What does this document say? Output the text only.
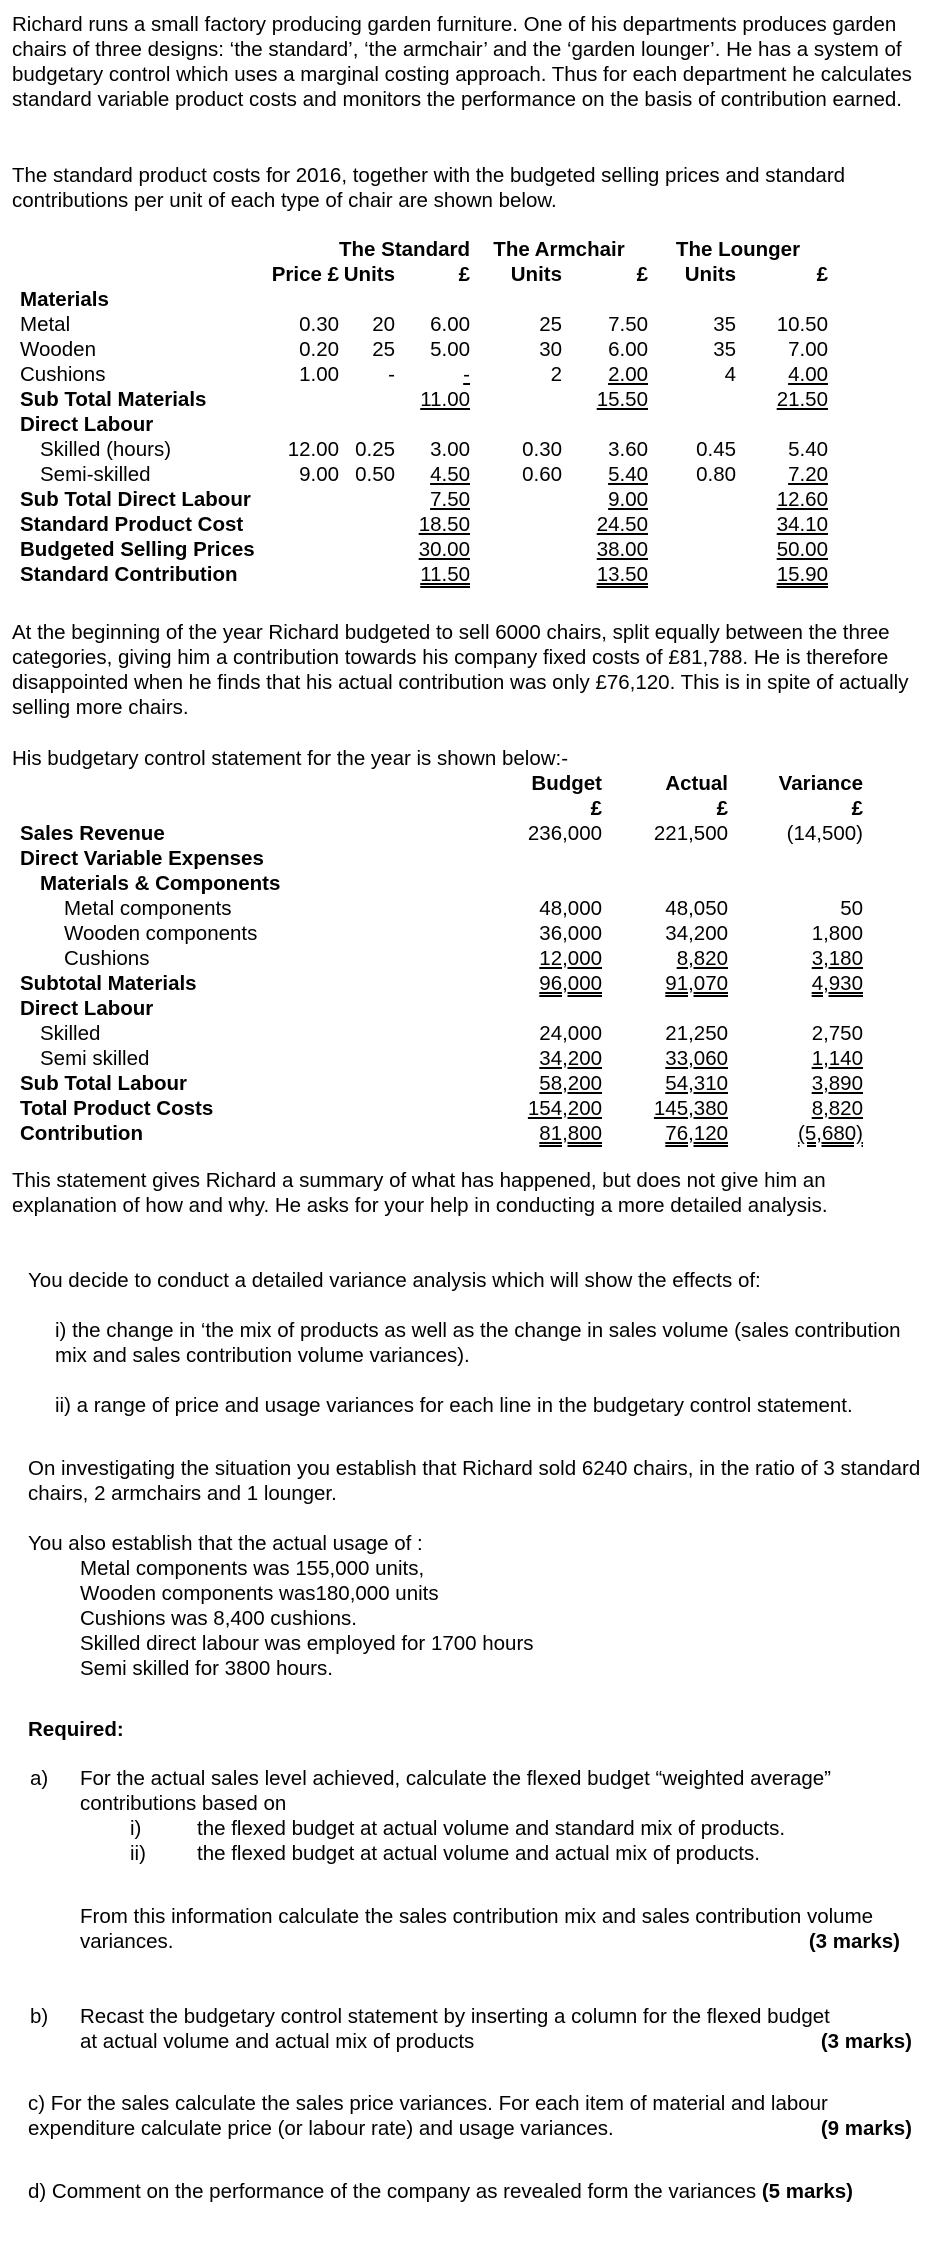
Richard runs a small factory producing garden furniture. One of his departments produces garden chairs of three designs: ‘the standard’, ‘the armchair’ and the ‘garden lounger’. He has a system of budgetary control which uses a marginal costing approach. Thus for each department he calculates standard variable product costs and monitors the performance on the basis of contribution earned.

The standard product costs for 2016, together with the budgeted selling prices and standard contributions per unit of each type of chair are shown below.

		The Standard		The Armchair		The Lounger	
	Price £	Units	£	Units	£	Units	£
Materials							
Metal	0.30	20	6.00	25	7.50	35	10.50
Wooden	0.20	25	5.00	30	6.00	35	7.00
Cushions	1.00	-	-	2	2.00	4	4.00
Sub Total Materials			11.00		15.50		21.50
Direct Labour							
Skilled (hours)	12.00	0.25	3.00	0.30	3.60	0.45	5.40
Semi-skilled	9.00	0.50	4.50	0.60	5.40	0.80	7.20
Sub Total Direct Labour			7.50		9.00		12.60
Standard Product Cost			18.50		24.50		34.10
Budgeted Selling Prices			30.00		38.00		50.00
Standard Contribution			11.50		13.50		15.90

At the beginning of the year Richard budgeted to sell 6000 chairs, split equally between the three categories, giving him a contribution towards his company fixed costs of £81,788. He is therefore disappointed when he finds that his actual contribution was only £76,120. This is in spite of actually selling more chairs.

His budgetary control statement for the year is shown below:-

	Budget	Actual	Variance
	£	£	£
Sales Revenue	236,000	221,500	(14,500)
Direct Variable Expenses			
Materials & Components			
Metal components	48,000	48,050	50
Wooden components	36,000	34,200	1,800
Cushions	12,000	8,820	3,180
Subtotal Materials	96,000	91,070	4,930
Direct Labour			
Skilled	24,000	21,250	2,750
Semi skilled	34,200	33,060	1,140
Sub Total Labour	58,200	54,310	3,890
Total Product Costs	154,200	145,380	8,820
Contribution	81,800	76,120	(5,680)

This statement gives Richard a summary of what has happened, but does not give him an explanation of how and why. He asks for your help in conducting a more detailed analysis.

You decide to conduct a detailed variance analysis which will show the effects of:

i) the change in ‘the mix of products as well as the change in sales volume (sales contribution mix and sales contribution volume variances).

ii) a range of price and usage variances for each line in the budgetary control statement.

On investigating the situation you establish that Richard sold 6240 chairs, in the ratio of 3 standard chairs, 2 armchairs and 1 lounger.

You also establish that the actual usage of :

Metal components was 155,000 units,
Wooden components was180,000 units
Cushions was 8,400 cushions.
Skilled direct labour was employed for 1700 hours
Semi skilled for 3800 hours.
Required:
a) For the actual sales level achieved, calculate the flexed budget “weighted average” contributions based on
i)	the flexed budget at actual volume and standard mix of products.
ii) the flexed budget at actual volume and actual mix of products.
From this information calculate the sales contribution mix and sales contribution volume variances.	(3 marks)
b) Recast the budgetary control statement by inserting a column for the flexed budget at actual volume and actual mix of products	(3 marks)
c) For the sales calculate the sales price variances. For each item of material and labour expenditure calculate price (or labour rate) and usage variances.	(9 marks)
d) Comment on the performance of the company as revealed form the variances (5 marks)
